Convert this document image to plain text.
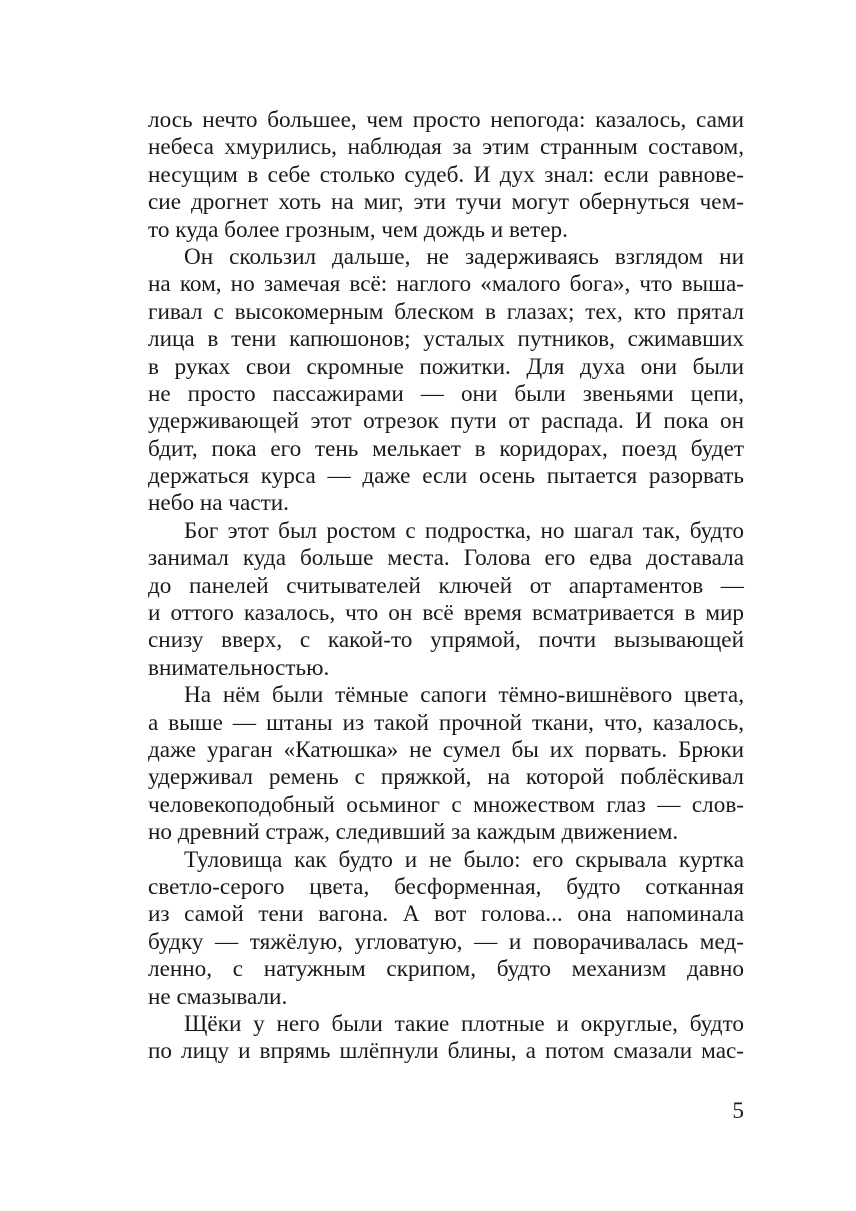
лось нечто большее, чем просто непогода: казалось, сами
небеса хмурились, наблюдая за этим странным составом,
несущим в себе столько судеб. И дух знал: если равнове-
сие дрогнет хоть на миг, эти тучи могут обернуться чем-
то куда более грозным, чем дождь и ветер.
Он скользил дальше, не задерживаясь взглядом ни
на ком, но замечая всё: наглого «малого бога», что выша-
гивал с высокомерным блеском в глазах; тех, кто прятал
лица в тени капюшонов; усталых путников, сжимавших
в руках свои скромные пожитки. Для духа они были
не просто пассажирами — они были звеньями цепи,
удерживающей этот отрезок пути от распада. И пока он
бдит, пока его тень мелькает в коридорах, поезд будет
держаться курса — даже если осень пытается разорвать
небо на части.
Бог этот был ростом с подростка, но шагал так, будто
занимал куда больше места. Голова его едва доставала
до панелей считывателей ключей от апартаментов —
и оттого казалось, что он всё время всматривается в мир
снизу вверх, с какой-то упрямой, почти вызывающей
внимательностью.
На нём были тёмные сапоги тёмно-вишнёвого цвета,
а выше — штаны из такой прочной ткани, что, казалось,
даже ураган «Катюшка» не сумел бы их порвать. Брюки
удерживал ремень с пряжкой, на которой поблёскивал
человекоподобный осьминог с множеством глаз — слов-
но древний страж, следивший за каждым движением.
Туловища как будто и не было: его скрывала куртка
светло-серого цвета, бесформенная, будто сотканная
из самой тени вагона. А вот голова... она напоминала
будку — тяжёлую, угловатую, — и поворачивалась мед-
ленно, с натужным скрипом, будто механизм давно
не смазывали.
Щёки у него были такие плотные и округлые, будто
по лицу и впрямь шлёпнули блины, а потом смазали мас-
5
